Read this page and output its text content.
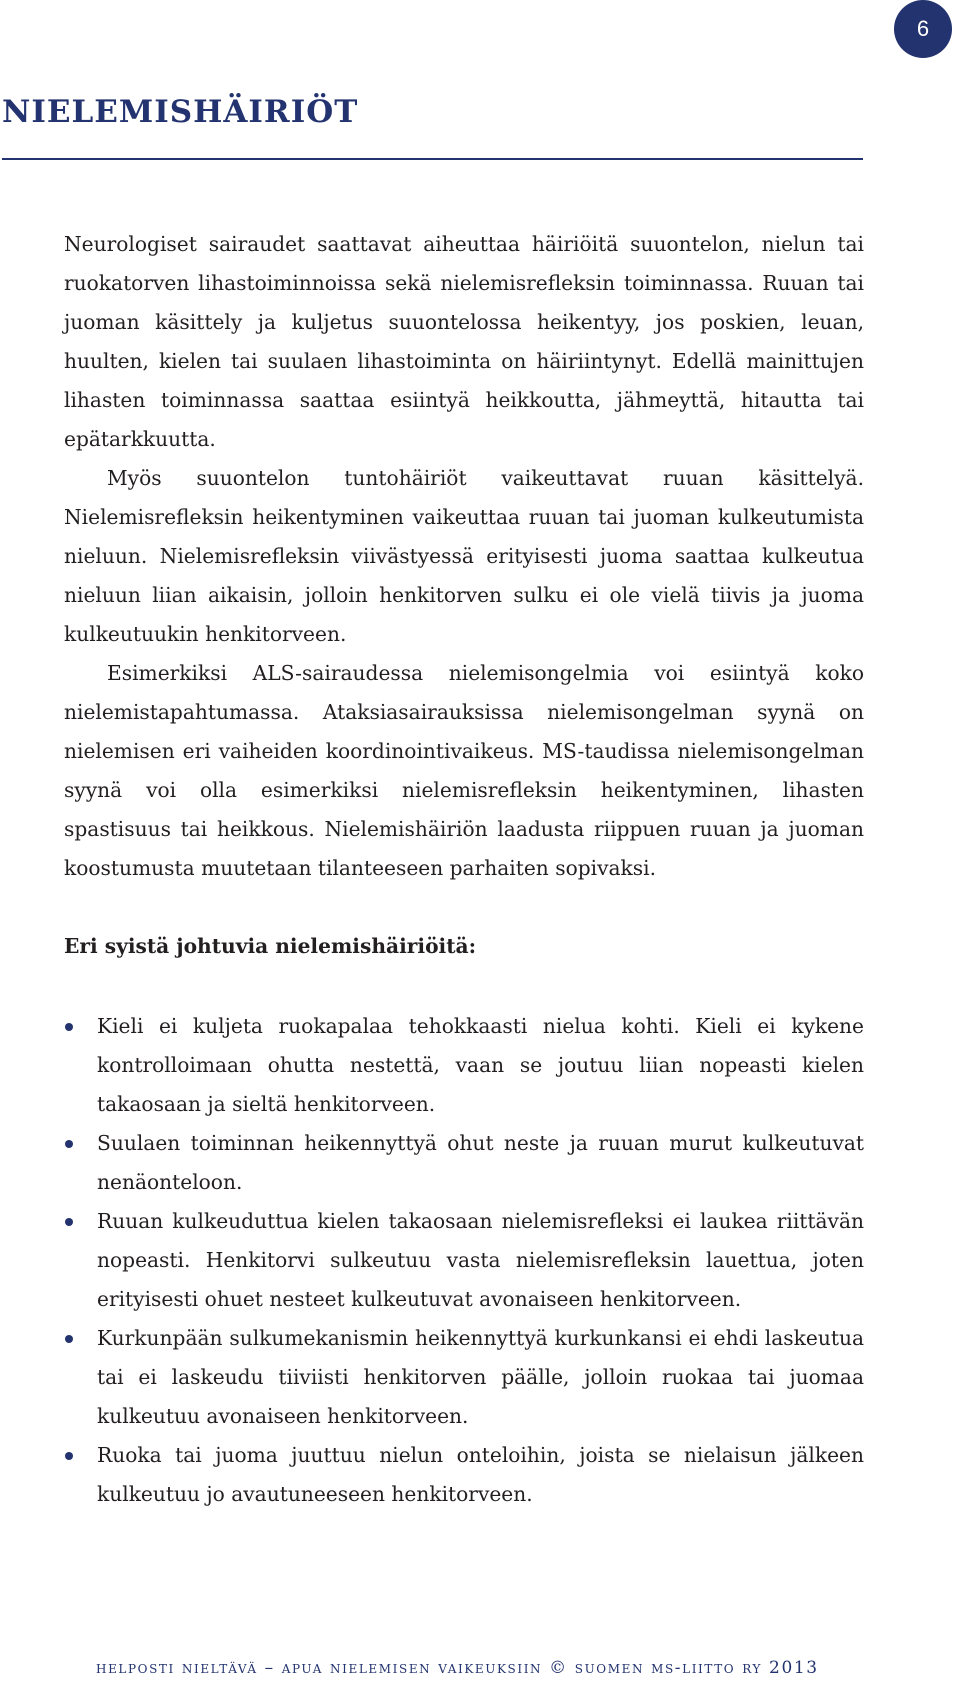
6
NIELEMISHÄIRIÖT

Neurologiset sairaudet saattavat aiheuttaa häiriöitä suuontelon, nielun tai ruokatorven lihastoiminnoissa sekä nielemisrefleksin toiminnassa. Ruuan tai juoman käsittely ja kuljetus suuontelossa heikentyy, jos poskien, leuan, huulten, kielen tai suulaen lihastoiminta on häiriintynyt. Edellä mainittujen lihasten toiminnassa saattaa esiintyä heikkoutta, jähmeyttä, hitautta tai epätarkkuutta.

Myös suuontelon tuntohäiriöt vaikeuttavat ruuan käsittelyä. Nielemisrefleksin heikentyminen vaikeuttaa ruuan tai juoman kulkeutumista nieluun. Nielemisrefleksin viivästyessä erityisesti juoma saattaa kulkeutua nieluun liian aikaisin, jolloin henkitorven sulku ei ole vielä tiivis ja juoma kulkeutuukin henkitorveen.

Esimerkiksi ALS-sairaudessa nielemisongelmia voi esiintyä koko nielemistapahtumassa. Ataksiasairauksissa nielemisongelman syynä on nielemisen eri vaiheiden koordinointivaikeus. MS-taudissa nielemisongelman syynä voi olla esimerkiksi nielemisrefleksin heikentyminen, lihasten spastisuus tai heikkous. Nielemishäiriön laadusta riippuen ruuan ja juoman koostumusta muutetaan tilanteeseen parhaiten sopivaksi.

Eri syistä johtuvia nielemishäiriöitä:
Kieli ei kuljeta ruokapalaa tehokkaasti nielua kohti. Kieli ei kykene kontrolloimaan ohutta nestettä, vaan se joutuu liian nopeasti kielen takaosaan ja sieltä henkitorveen.
Suulaen toiminnan heikennyttyä ohut neste ja ruuan murut kulkeutuvat nenäonteloon.
Ruuan kulkeuduttua kielen takaosaan nielemisrefleksi ei laukea riittävän nopeasti. Henkitorvi sulkeutuu vasta nielemisrefleksin lauettua, joten erityisesti ohuet nesteet kulkeutuvat avonaiseen henkitorveen.
Kurkunpään sulkumekanismin heikennyttyä kurkunkansi ei ehdi laskeutua tai ei laskeudu tiiviisti henkitorven päälle, jolloin ruokaa tai juomaa kulkeutuu avonaiseen henkitorveen.
Ruoka tai juoma juuttuu nielun onteloihin, joista se nielaisun jälkeen kulkeutuu jo avautuneeseen henkitorveen.

helposti nieltävä – apua nielemisen vaikeuksiin © suomen ms-liitto ry 2013
